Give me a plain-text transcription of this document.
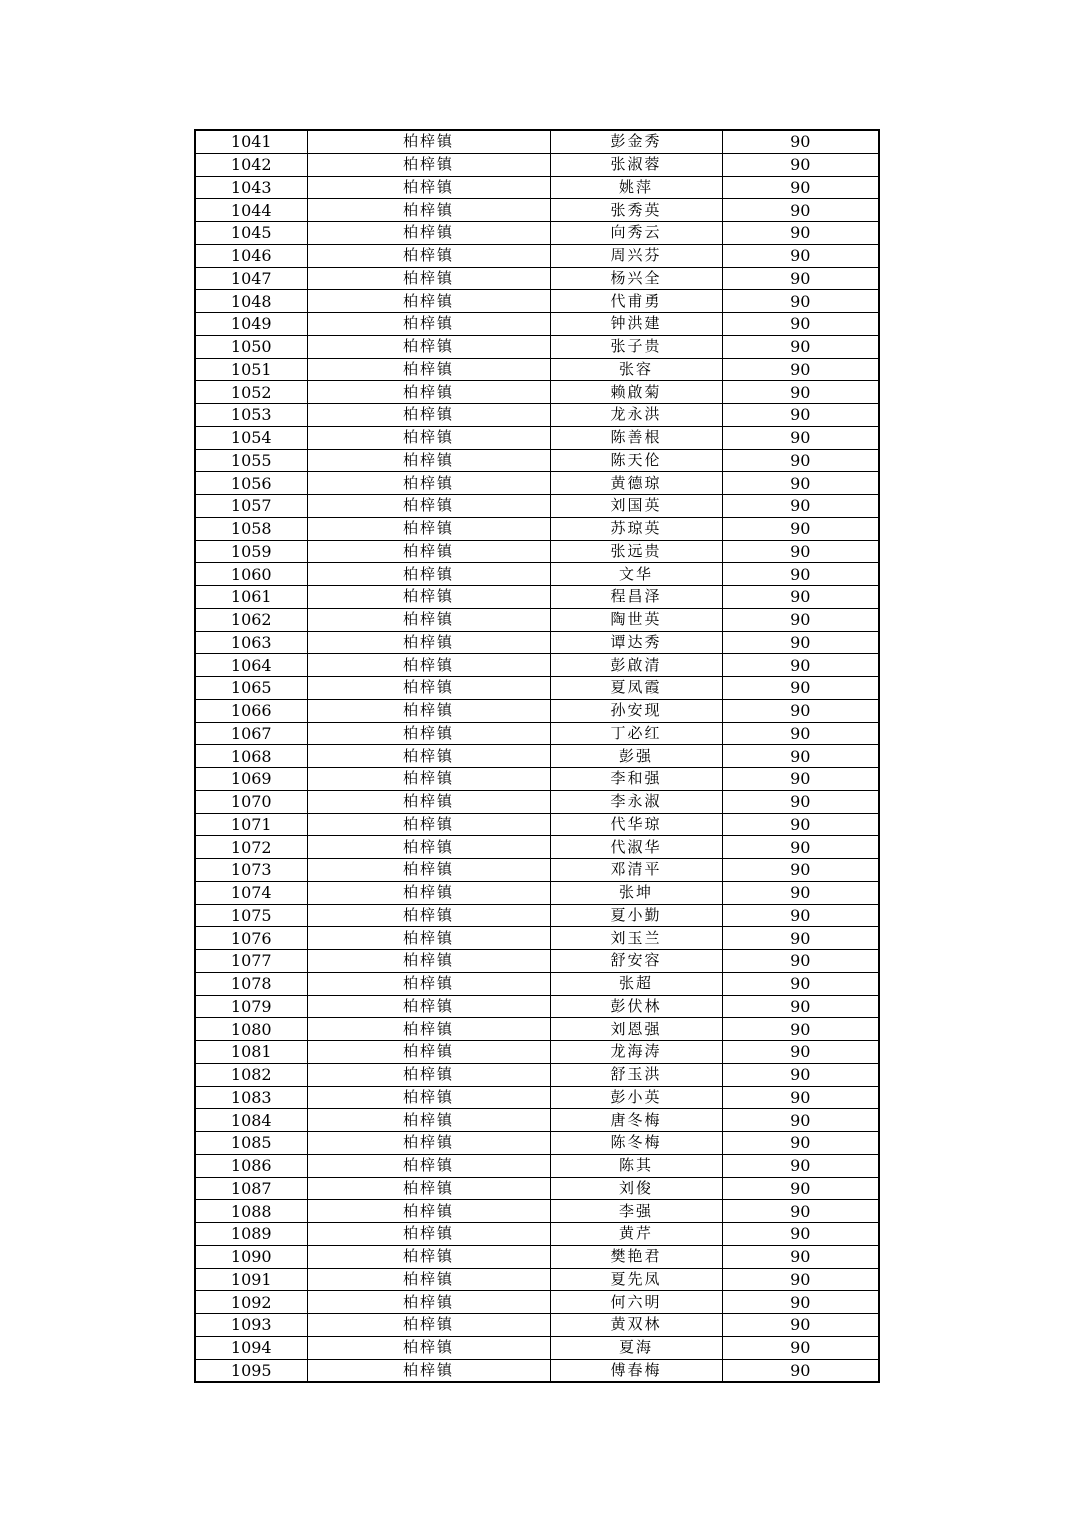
1041	柏梓镇	彭金秀	90
1042	柏梓镇	张淑蓉	90
1043	柏梓镇	姚萍	90
1044	柏梓镇	张秀英	90
1045	柏梓镇	向秀云	90
1046	柏梓镇	周兴芬	90
1047	柏梓镇	杨兴全	90
1048	柏梓镇	代甫勇	90
1049	柏梓镇	钟洪建	90
1050	柏梓镇	张子贵	90
1051	柏梓镇	张容	90
1052	柏梓镇	赖啟菊	90
1053	柏梓镇	龙永洪	90
1054	柏梓镇	陈善根	90
1055	柏梓镇	陈天伦	90
1056	柏梓镇	黄德琼	90
1057	柏梓镇	刘国英	90
1058	柏梓镇	苏琼英	90
1059	柏梓镇	张远贵	90
1060	柏梓镇	文华	90
1061	柏梓镇	程昌泽	90
1062	柏梓镇	陶世英	90
1063	柏梓镇	谭达秀	90
1064	柏梓镇	彭啟清	90
1065	柏梓镇	夏凤霞	90
1066	柏梓镇	孙安现	90
1067	柏梓镇	丁必红	90
1068	柏梓镇	彭强	90
1069	柏梓镇	李和强	90
1070	柏梓镇	李永淑	90
1071	柏梓镇	代华琼	90
1072	柏梓镇	代淑华	90
1073	柏梓镇	邓清平	90
1074	柏梓镇	张坤	90
1075	柏梓镇	夏小勤	90
1076	柏梓镇	刘玉兰	90
1077	柏梓镇	舒安容	90
1078	柏梓镇	张超	90
1079	柏梓镇	彭伏林	90
1080	柏梓镇	刘恩强	90
1081	柏梓镇	龙海涛	90
1082	柏梓镇	舒玉洪	90
1083	柏梓镇	彭小英	90
1084	柏梓镇	唐冬梅	90
1085	柏梓镇	陈冬梅	90
1086	柏梓镇	陈其	90
1087	柏梓镇	刘俊	90
1088	柏梓镇	李强	90
1089	柏梓镇	黄芹	90
1090	柏梓镇	樊艳君	90
1091	柏梓镇	夏先凤	90
1092	柏梓镇	何六明	90
1093	柏梓镇	黄双林	90
1094	柏梓镇	夏海	90
1095	柏梓镇	傅春梅	90
